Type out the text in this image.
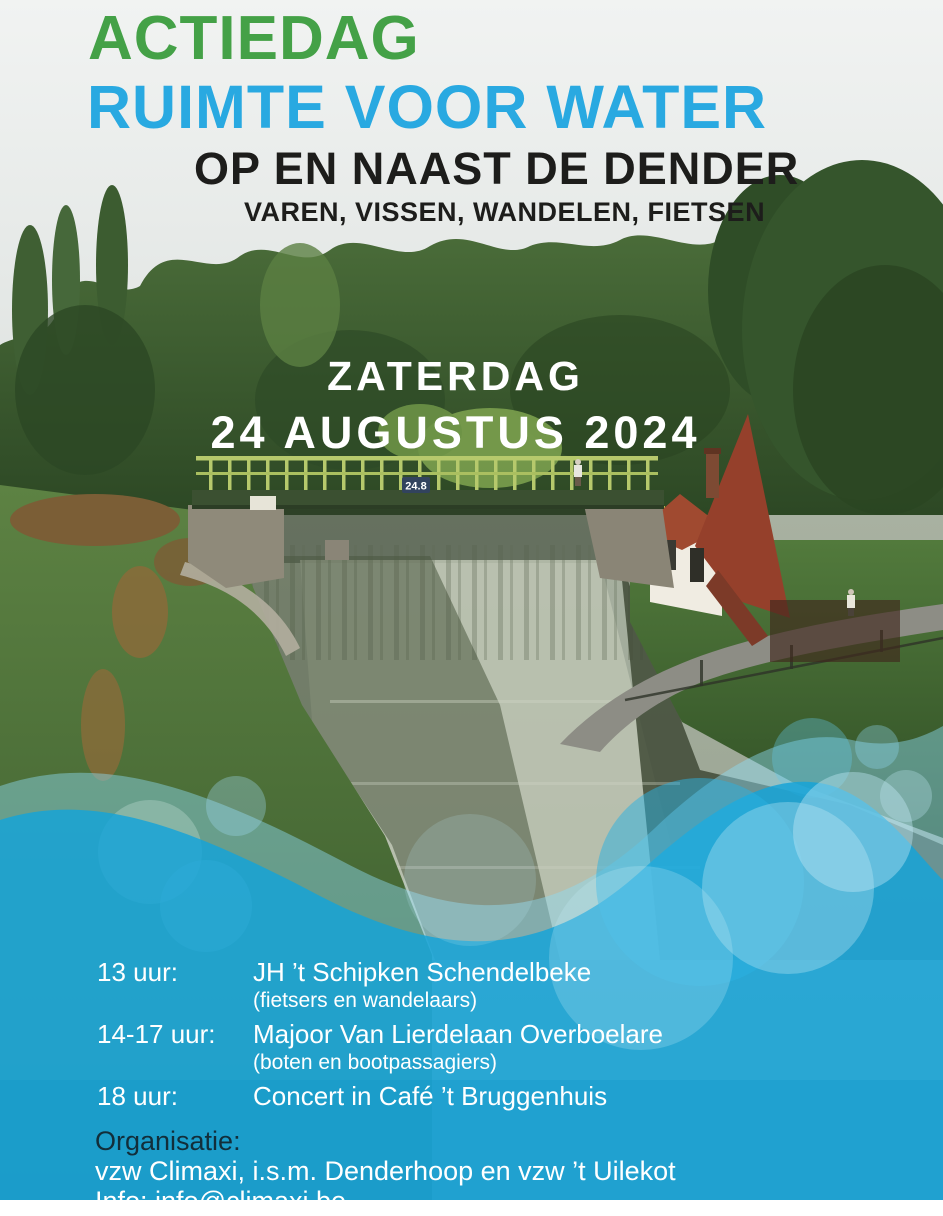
24.8
ACTIEDAG
RUIMTE VOOR WATER
OP EN NAAST DE DENDER
VAREN, VISSEN, WANDELEN, FIETSEN
ZATERDAG
24 AUGUSTUS 2024
13 uur:	JH ’t Schipken Schendelbeke
(fietsers en wandelaars)
14-17 uur:	Majoor Van Lierdelaan Overboelare
(boten en bootpassagiers)
18 uur:	Concert in Café ’t Bruggenhuis
Organisatie:
vzw Climaxi, i.s.m. Denderhoop en vzw ’t Uilekot
Info: info@climaxi.be
